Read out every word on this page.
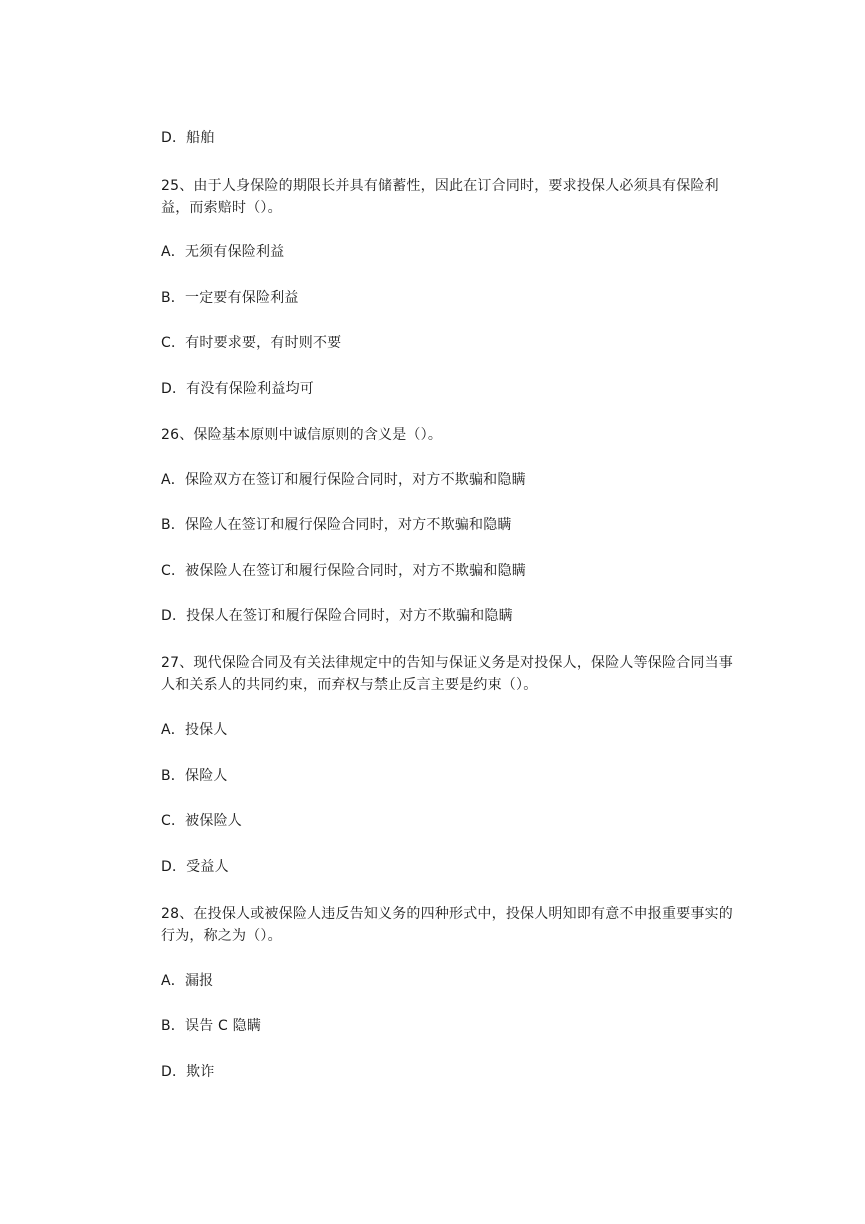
D．船舶
25、由于人身保险的期限长并具有储蓄性，因此在订合同时，要求投保人必须具有保险利益，而索赔时（）。
A．无须有保险利益
B．一定要有保险利益
C．有时要求要，有时则不要
D．有没有保险利益均可
26、保险基本原则中诚信原则的含义是（）。
A．保险双方在签订和履行保险合同时，对方不欺骗和隐瞒
B．保险人在签订和履行保险合同时，对方不欺骗和隐瞒
C．被保险人在签订和履行保险合同时，对方不欺骗和隐瞒
D．投保人在签订和履行保险合同时，对方不欺骗和隐瞒
27、现代保险合同及有关法律规定中的告知与保证义务是对投保人，保险人等保险合同当事人和关系人的共同约束，而弃权与禁止反言主要是约束（）。
A．投保人
B．保险人
C．被保险人
D．受益人
28、在投保人或被保险人违反告知义务的四种形式中，投保人明知即有意不申报重要事实的行为，称之为（）。
A．漏报
B．误告 C 隐瞒
D．欺诈
